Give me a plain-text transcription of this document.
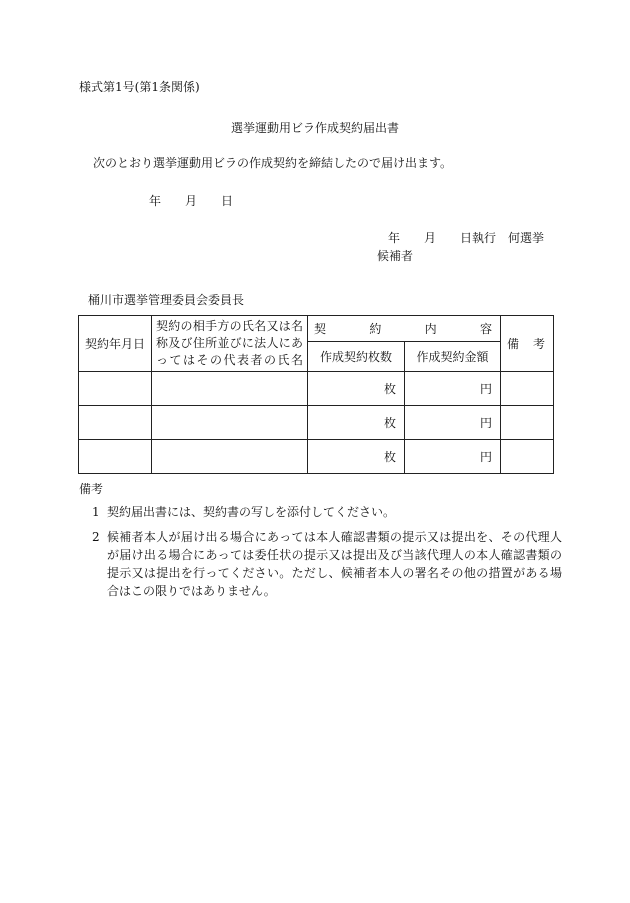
様式第1号(第1条関係)
選挙運動用ビラ作成契約届出書
次のとおり選挙運動用ビラの作成契約を締結したので届け出ます。
年 月 日
年 月 日執行 何選挙
候補者
桶川市選挙管理委員会委員長
契約年月日	契約の相手方の氏名又は名称及び住所並びに法人にあってはその代表者の氏名	契 約 内 容		備 考

		作成契約枚数	作成契約金額	
		枚	円	
		枚	円	
		枚	円	
備考
1 契約届出書には、契約書の写しを添付してください。
2 候補者本人が届け出る場合にあっては本人確認書類の提示又は提出を、その代理人が届け出る場合にあっては委任状の提示又は提出及び当該代理人の本人確認書類の提示又は提出を行ってください。ただし、候補者本人の署名その他の措置がある場合はこの限りではありません。
